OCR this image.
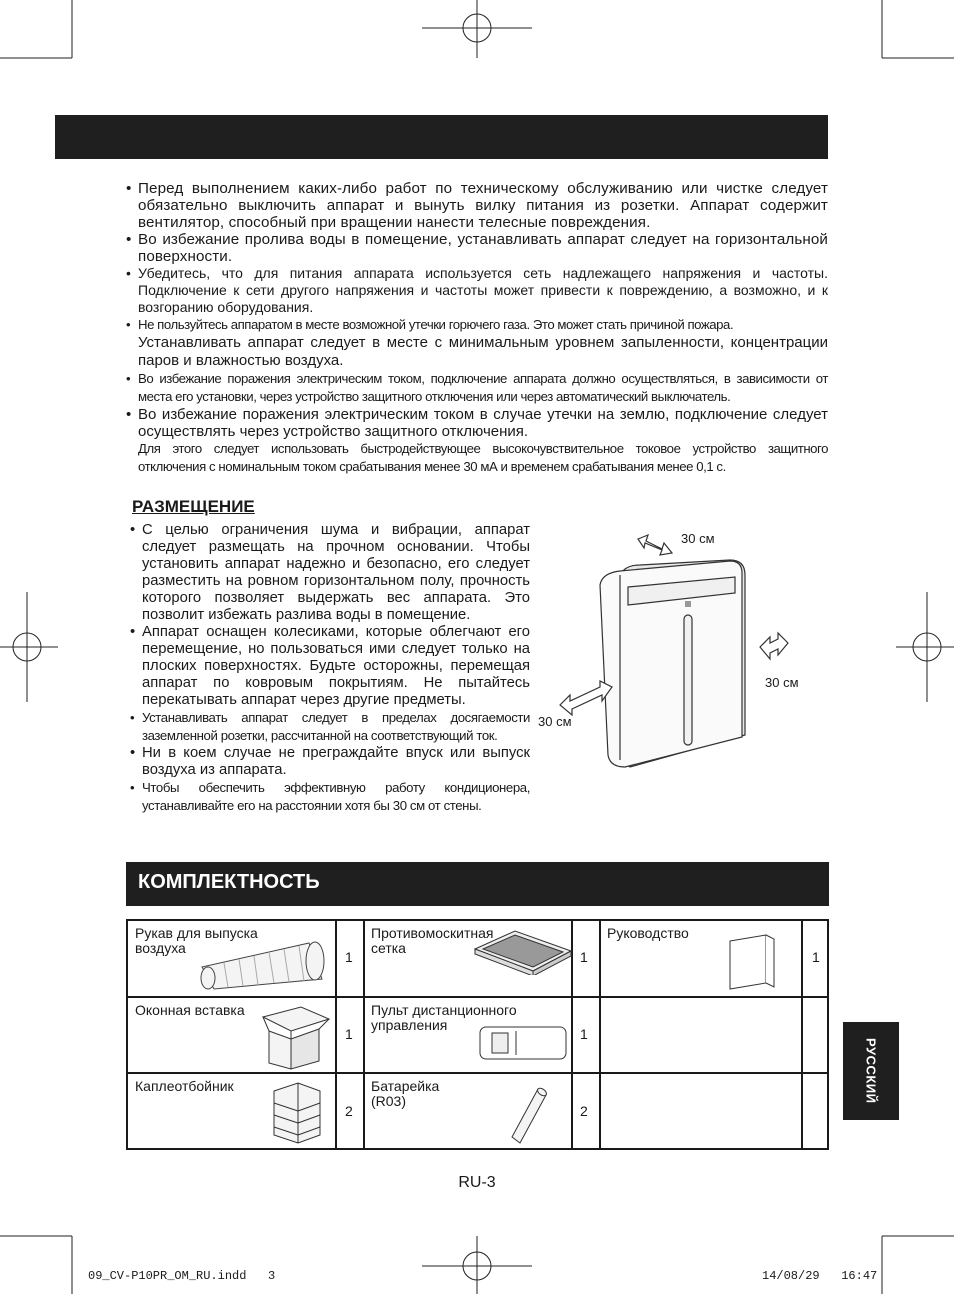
• Перед выполнением каких-либо работ по техническому обслуживанию или чистке следует обязательно выключить аппарат и вынуть вилку питания из розетки. Аппарат содержит вентилятор, способный при вращении нанести телесные повреждения.
• Во избежание пролива воды в помещение, устанавливать аппарат следует на горизонтальной поверхности.
• Убедитесь, что для питания аппарата используется сеть надлежащего напряжения и частоты. Подключение к сети другого напряжения и частоты может привести к повреждению, а возможно, и к возгоранию оборудования.
• Не пользуйтесь аппаратом в месте возможной утечки горючего газа. Это может стать причиной пожара.
Устанавливать аппарат следует в месте с минимальным уровнем запыленности, концентрации паров и влажностью воздуха.
• Во избежание поражения электрическим током, подключение аппарата должно осуществляться, в зависимости от места его установки, через устройство защитного отключения или через автоматический выключатель.
• Во избежание поражения электрическим током в случае утечки на землю, подключение следует осуществлять через устройство защитного отключения.
Для этого следует использовать быстродействующее высокочувствительное токовое устройство защитного отключения с номинальным током срабатывания менее 30 мА и временем срабатывания менее 0,1 с.
РАЗМЕЩЕНИЕ
• С целью ограничения шума и вибрации, аппарат следует размещать на прочном основании. Чтобы установить аппарат надежно и безопасно, его следует разместить на ровном горизонтальном полу, прочность которого позволяет выдержать вес аппарата. Это позволит избежать разлива воды в помещение.
• Аппарат оснащен колесиками, которые облегчают его перемещение, но пользоваться ими следует только на плоских поверхностях. Будьте осторожны, перемещая аппарат по ковровым покрытиям. Не пытайтесь перекатывать аппарат через другие предметы.
• Устанавливать аппарат следует в пределах досягаемости заземленной розетки, рассчитанной на соответствующий ток.
• Ни в коем случае не преграждайте впуск или выпуск воздуха из аппарата.
• Чтобы обеспечить эффективную работу кондиционера, устанавливайте его на расстоянии хотя бы 30 см от стены.
30 см
30 см
30 см
КОМПЛЕКТНОСТЬ
Рукав для выпуска воздуха
1
Противомоскитная сетка
1
Руководство
1
Оконная вставка
1
Пульт дистанционного управления
1
Каплеотбойник
2
Батарейка (R03)
2
РУССКИЙ
RU-3
09_CV-P10PR_OM_RU.indd   3	14/08/29   16:47
